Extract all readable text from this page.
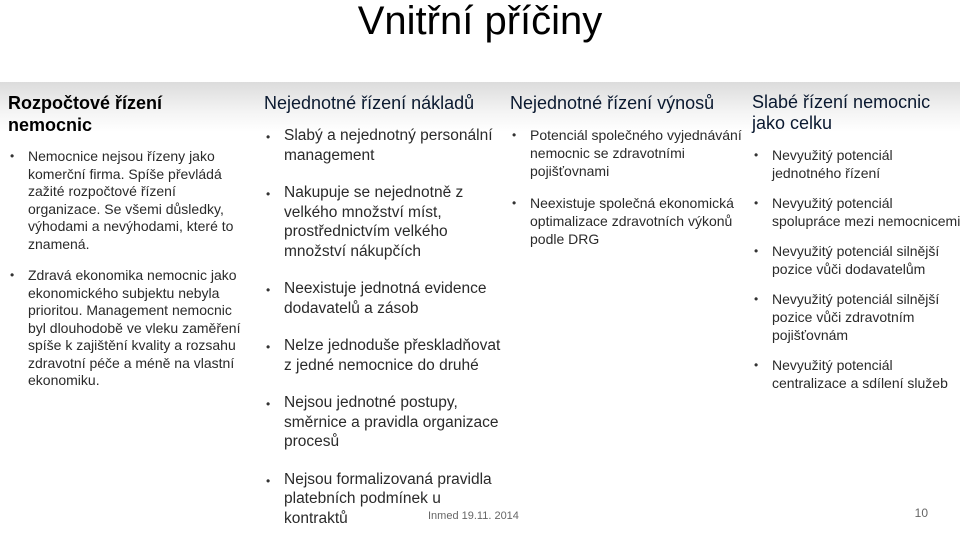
Vnitřní příčiny
Rozpočtové řízení nemocnic
• Nemocnice nejsou řízeny jako komerční firma. Spíše převládá zažité rozpočtové řízení organizace. Se všemi důsledky, výhodami a nevýhodami, které to znamená.
• Zdravá ekonomika nemocnic jako ekonomického subjektu nebyla prioritou. Management nemocnic byl dlouhodobě ve vleku zaměření spíše k zajištění kvality a rozsahu zdravotní péče a méně na vlastní ekonomiku.
Nejednotné řízení nákladů
• Slabý a nejednotný personální management
• Nakupuje se nejednotně z velkého množství míst, prostřednictvím velkého množství nákupčích
• Neexistuje jednotná evidence dodavatelů a zásob
• Nelze jednoduše přeskladňovat z jedné nemocnice do druhé
• Nejsou jednotné postupy, směrnice a pravidla organizace procesů
• Nejsou formalizovaná pravidla platebních podmínek u kontraktů
Nejednotné řízení výnosů
• Potenciál společného vyjednávání nemocnic se zdravotními pojišťovnami
• Neexistuje společná ekonomická optimalizace zdravotních výkonů podle DRG
Slabé řízení nemocnic jako celku
• Nevyužitý potenciál jednotného řízení
• Nevyužitý potenciál spolupráce mezi nemocnicemi
• Nevyužitý potenciál silnější pozice vůči dodavatelům
• Nevyužitý potenciál silnější pozice vůči zdravotním pojišťovnám
• Nevyužitý potenciál centralizace a sdílení služeb
Inmed 19.11. 2014	10
